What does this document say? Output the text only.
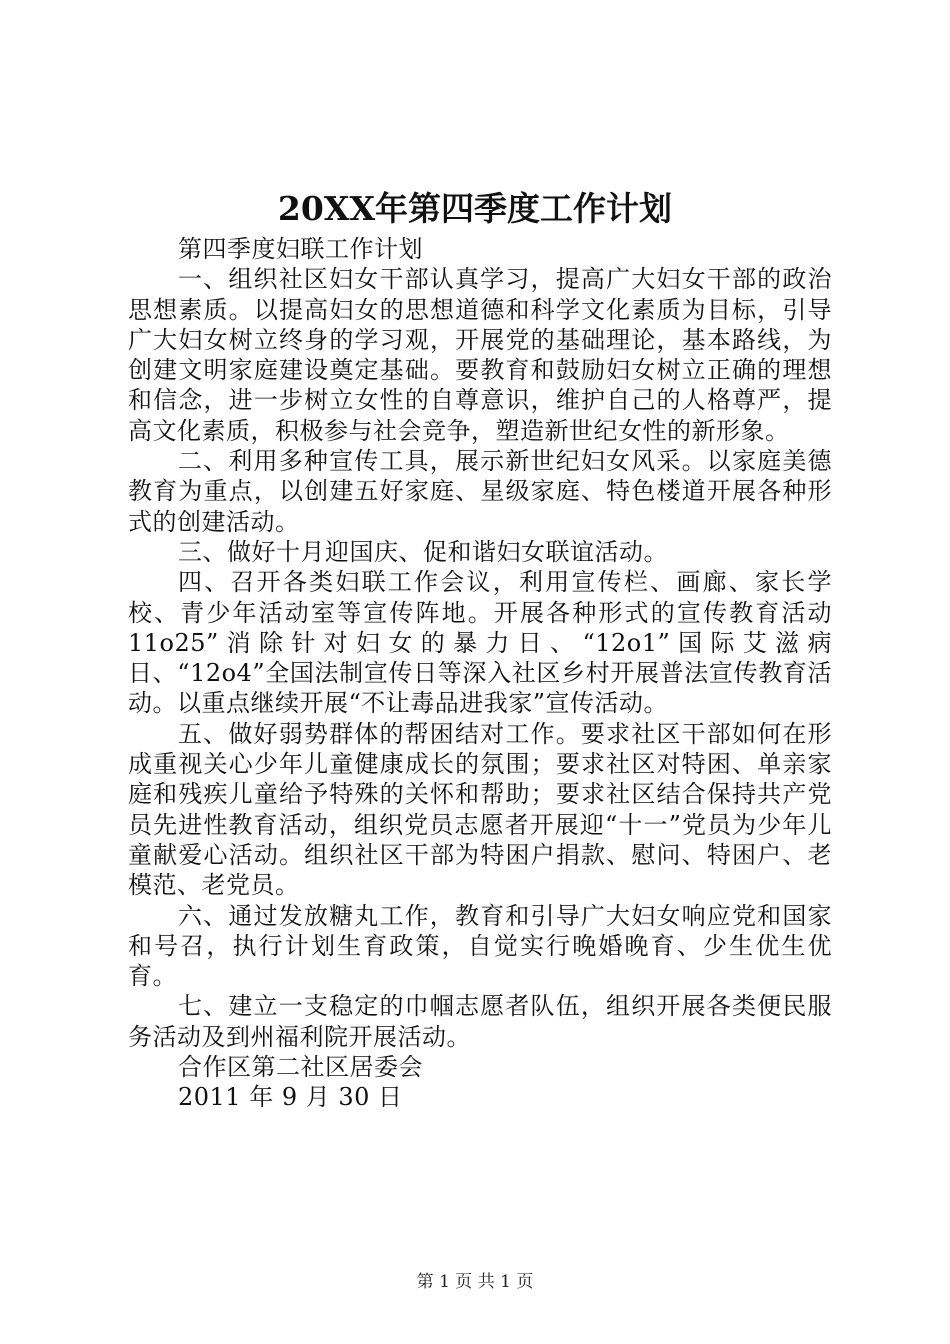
20XX年第四季度工作计划

第四季度妇联工作计划

一、组织社区妇女干部认真学习，提高广大妇女干部的政治思想素质。以提高妇女的思想道德和科学文化素质为目标，引导广大妇女树立终身的学习观，开展党的基础理论，基本路线，为创建文明家庭建设奠定基础。要教育和鼓励妇女树立正确的理想和信念，进一步树立女性的自尊意识，维护自己的人格尊严，提高文化素质，积极参与社会竞争，塑造新世纪女性的新形象。

二、利用多种宣传工具，展示新世纪妇女风采。以家庭美德教育为重点，以创建五好家庭、星级家庭、特色楼道开展各种形式的创建活动。

三、做好十月迎国庆、促和谐妇女联谊活动。

四、召开各类妇联工作会议，利用宣传栏、画廊、家长学校、青少年活动室等宣传阵地。开展各种形式的宣传教育活动11o25”消除针对妇女的暴力日、“12o1”国际艾滋病日、“12o4”全国法制宣传日等深入社区乡村开展普法宣传教育活动。以重点继续开展“不让毒品进我家”宣传活动。

五、做好弱势群体的帮困结对工作。要求社区干部如何在形成重视关心少年儿童健康成长的氛围；要求社区对特困、单亲家庭和残疾儿童给予特殊的关怀和帮助；要求社区结合保持共产党员先进性教育活动，组织党员志愿者开展迎“十一”党员为少年儿童献爱心活动。组织社区干部为特困户捐款、慰问、特困户、老模范、老党员。

六、通过发放糖丸工作，教育和引导广大妇女响应党和国家和号召，执行计划生育政策，自觉实行晚婚晚育、少生优生优育。

七、建立一支稳定的巾帼志愿者队伍，组织开展各类便民服务活动及到州福利院开展活动。

合作区第二社区居委会

2011 年 9 月 30 日

第 1 页 共 1 页
